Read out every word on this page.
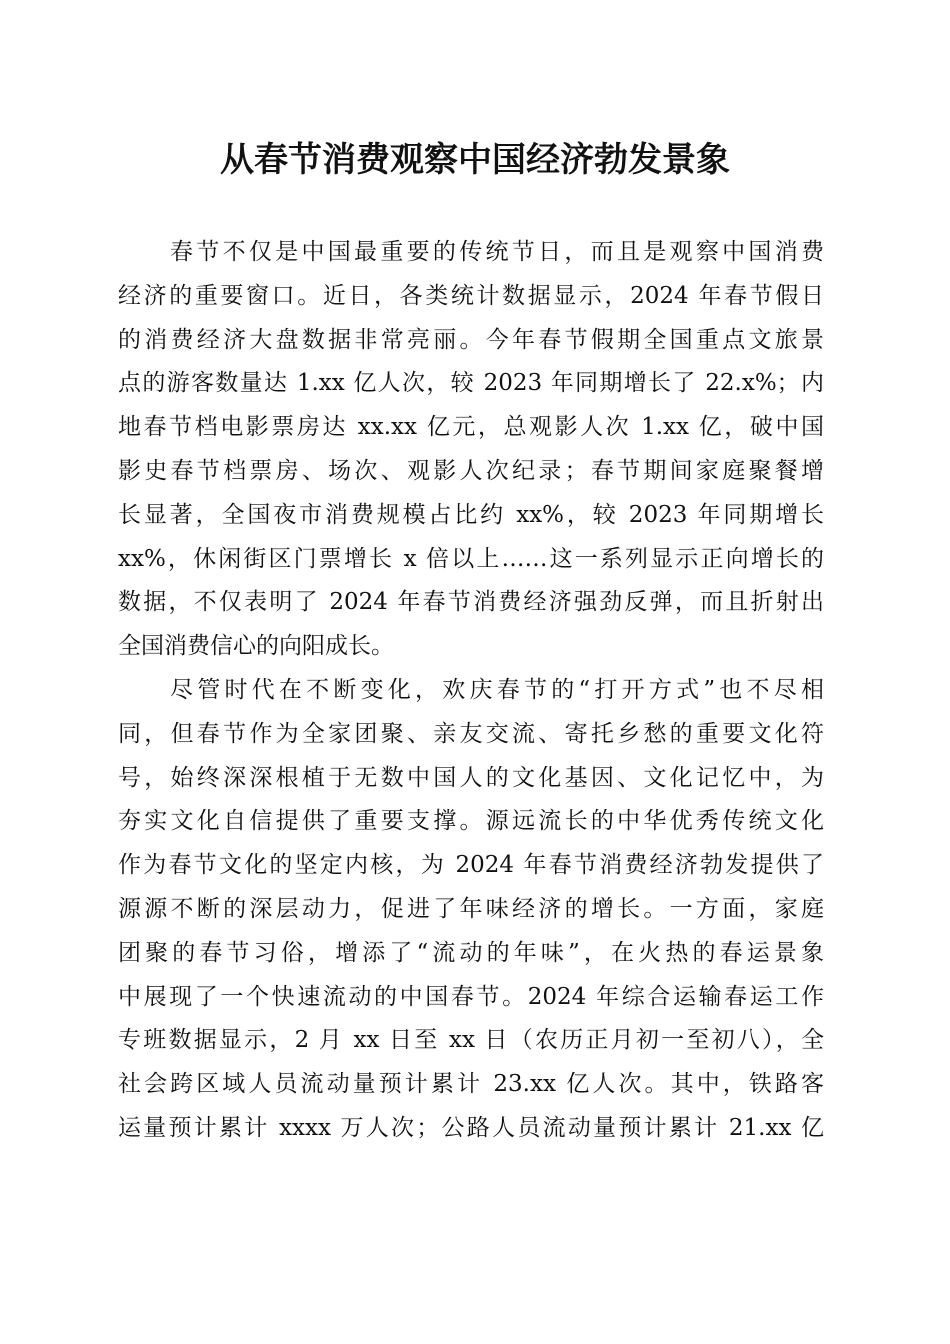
从春节消费观察中国经济勃发景象
春节不仅是中国最重要的传统节日，而且是观察中国消费
经济的重要窗口。近日，各类统计数据显示，2024 年春节假日
的消费经济大盘数据非常亮丽。今年春节假期全国重点文旅景
点的游客数量达 1.xx 亿人次，较 2023 年同期增长了 22.x%；内
地春节档电影票房达 xx.xx 亿元，总观影人次 1.xx 亿，破中国
影史春节档票房、场次、观影人次纪录；春节期间家庭聚餐增
长显著，全国夜市消费规模占比约 xx%，较 2023 年同期增长
xx%，休闲街区门票增长 x 倍以上……这一系列显示正向增长的
数据，不仅表明了 2024 年春节消费经济强劲反弹，而且折射出
全国消费信心的向阳成长。
尽管时代在不断变化，欢庆春节的“打开方式”也不尽相
同，但春节作为全家团聚、亲友交流、寄托乡愁的重要文化符
号，始终深深根植于无数中国人的文化基因、文化记忆中，为
夯实文化自信提供了重要支撑。源远流长的中华优秀传统文化
作为春节文化的坚定内核，为 2024 年春节消费经济勃发提供了
源源不断的深层动力，促进了年味经济的增长。一方面，家庭
团聚的春节习俗，增添了“流动的年味”，在火热的春运景象
中展现了一个快速流动的中国春节。2024 年综合运输春运工作
专班数据显示，2 月 xx 日至 xx 日（农历正月初一至初八），全
社会跨区域人员流动量预计累计 23.xx 亿人次。其中，铁路客
运量预计累计 xxxx 万人次；公路人员流动量预计累计 21.xx 亿
